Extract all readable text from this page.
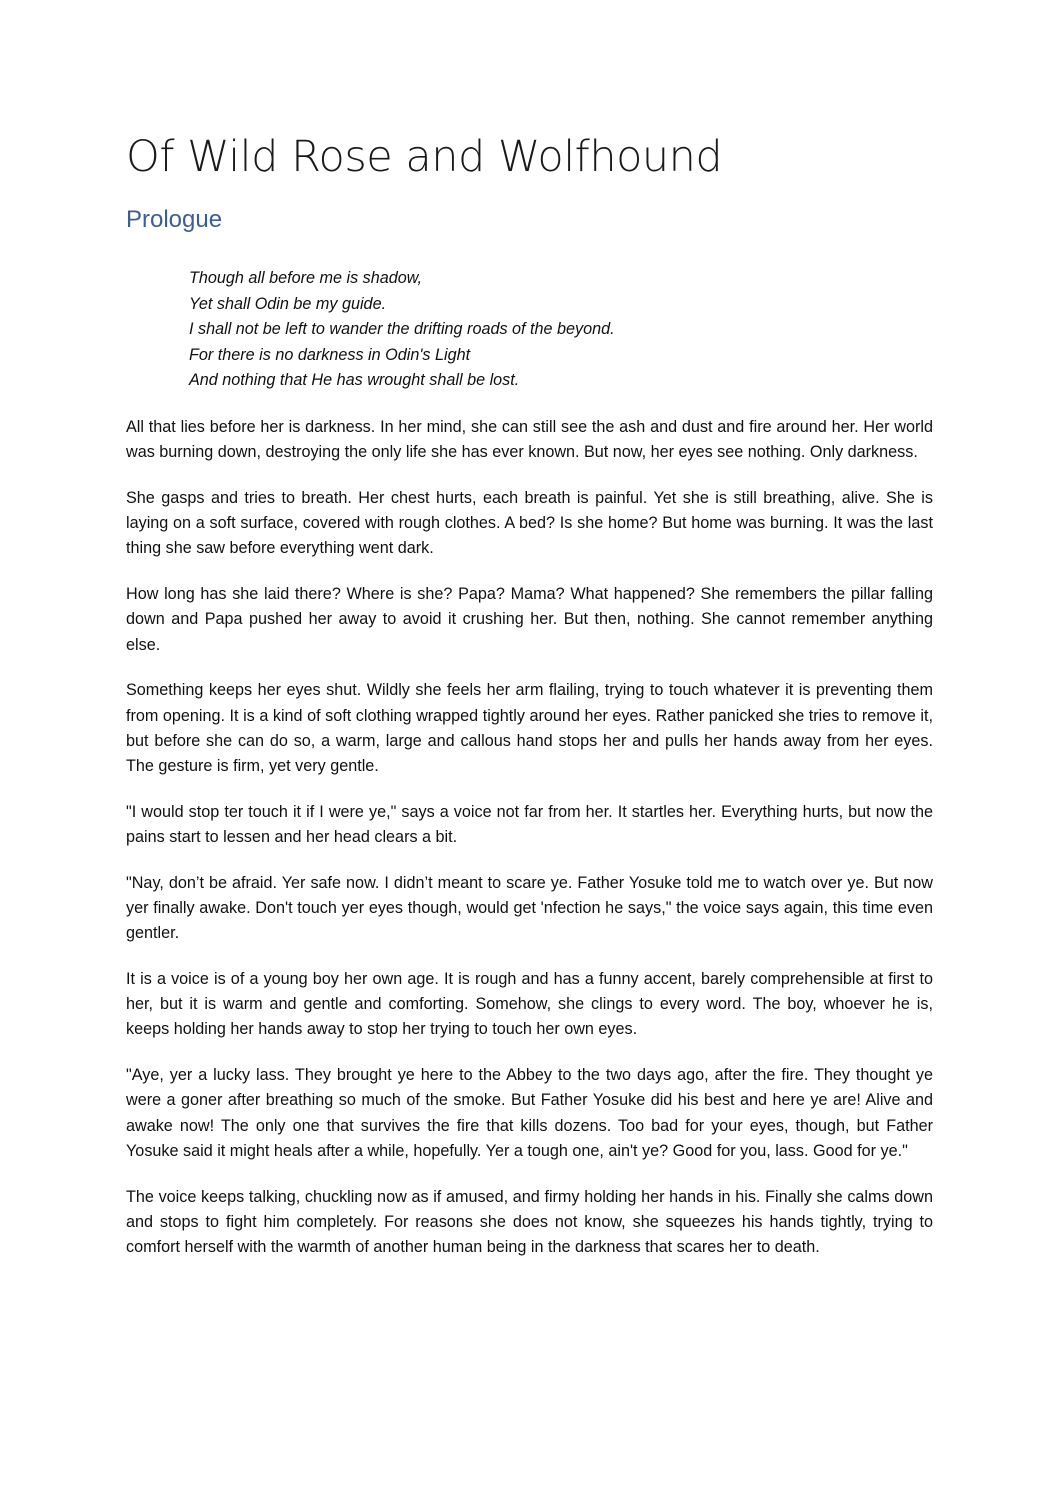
Of Wild Rose and Wolfhound
Prologue
Though all before me is shadow,
Yet shall Odin be my guide.
I shall not be left to wander the drifting roads of the beyond.
For there is no darkness in Odin's Light
And nothing that He has wrought shall be lost.

All that lies before her is darkness. In her mind, she can still see the ash and dust and fire around her. Her world was burning down, destroying the only life she has ever known. But now, her eyes see nothing. Only darkness.

She gasps and tries to breath. Her chest hurts, each breath is painful. Yet she is still breathing, alive. She is laying on a soft surface, covered with rough clothes. A bed? Is she home? But home was burning. It was the last thing she saw before everything went dark.

How long has she laid there? Where is she? Papa? Mama? What happened? She remembers the pillar falling down and Papa pushed her away to avoid it crushing her. But then, nothing. She cannot remember anything else.

Something keeps her eyes shut. Wildly she feels her arm flailing, trying to touch whatever it is preventing them from opening. It is a kind of soft clothing wrapped tightly around her eyes. Rather panicked she tries to remove it, but before she can do so, a warm, large and callous hand stops her and pulls her hands away from her eyes. The gesture is firm, yet very gentle.

"I would stop ter touch it if I were ye," says a voice not far from her. It startles her. Everything hurts, but now the pains start to lessen and her head clears a bit.

"Nay, don’t be afraid. Yer safe now. I didn’t meant to scare ye. Father Yosuke told me to watch over ye. But now yer finally awake. Don't touch yer eyes though, would get 'nfection he says," the voice says again, this time even gentler.

It is a voice is of a young boy her own age. It is rough and has a funny accent, barely comprehensible at first to her, but it is warm and gentle and comforting. Somehow, she clings to every word. The boy, whoever he is, keeps holding her hands away to stop her trying to touch her own eyes.

"Aye, yer a lucky lass. They brought ye here to the Abbey to the two days ago, after the fire. They thought ye were a goner after breathing so much of the smoke. But Father Yosuke did his best and here ye are! Alive and awake now! The only one that survives the fire that kills dozens. Too bad for your eyes, though, but Father Yosuke said it might heals after a while, hopefully. Yer a tough one, ain't ye? Good for you, lass. Good for ye."

The voice keeps talking, chuckling now as if amused, and firmy holding her hands in his. Finally she calms down and stops to fight him completely. For reasons she does not know, she squeezes his hands tightly, trying to comfort herself with the warmth of another human being in the darkness that scares her to death.
